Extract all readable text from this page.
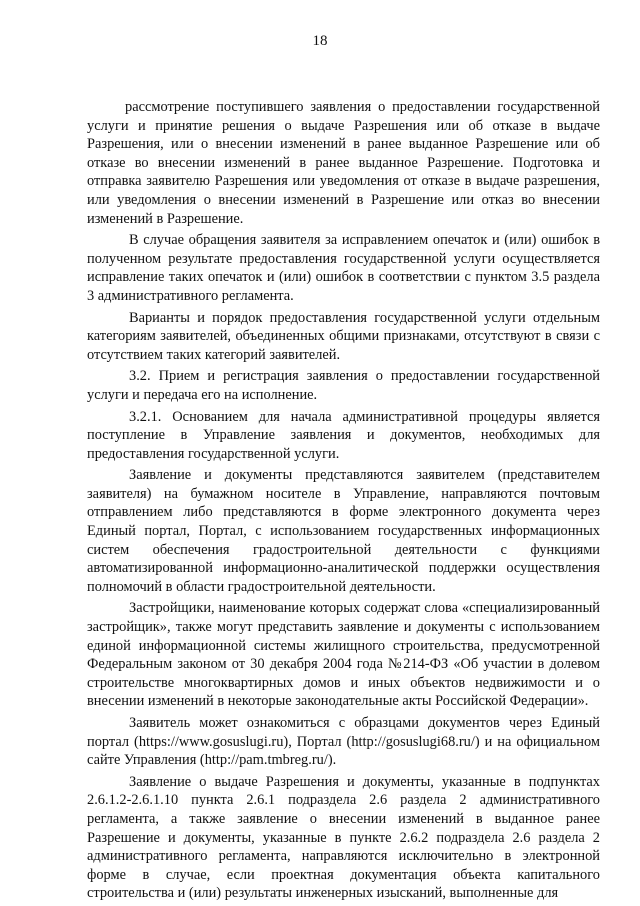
18

рассмотрение поступившего заявления о предоставлении государственной услуги и принятие решения о выдаче Разрешения или об отказе в выдаче Разрешения, или о внесении изменений в ранее выданное Разрешение или об отказе во внесении изменений в ранее выданное Разрешение. Подготовка и отправка заявителю Разрешения или уведомления от отказе в выдаче разрешения, или уведомления о внесении изменений в Разрешение или отказ во внесении изменений в Разрешение.

В случае обращения заявителя за исправлением опечаток и (или) ошибок в полученном результате предоставления государственной услуги осуществляется исправление таких опечаток и (или) ошибок в соответствии с пунктом 3.5 раздела 3 административного регламента.

Варианты и порядок предоставления государственной услуги отдельным категориям заявителей, объединенных общими признаками, отсутствуют в связи с отсутствием таких категорий заявителей.

3.2. Прием и регистрация заявления о предоставлении государственной услуги и передача его на исполнение.

3.2.1. Основанием для начала административной процедуры является поступление в Управление заявления и документов, необходимых для предоставления государственной услуги.

Заявление и документы представляются заявителем (представителем заявителя) на бумажном носителе в Управление, направляются почтовым отправлением либо представляются в форме электронного документа через Единый портал, Портал, с использованием государственных информационных систем обеспечения градостроительной деятельности с функциями автоматизированной информационно-аналитической поддержки осуществления полномочий в области градостроительной деятельности.

Застройщики, наименование которых содержат слова «специализированный застройщик», также могут представить заявление и документы с использованием единой информационной системы жилищного строительства, предусмотренной Федеральным законом от 30 декабря 2004 года №214-ФЗ «Об участии в долевом строительстве многоквартирных домов и иных объектов недвижимости и о внесении изменений в некоторые законодательные акты Российской Федерации».

Заявитель может ознакомиться с образцами документов через Единый портал (https://www.gosuslugi.ru), Портал (http://gosuslugi68.ru/) и на официальном сайте Управления (http://pam.tmbreg.ru/).

Заявление о выдаче Разрешения и документы, указанные в подпунктах 2.6.1.2-2.6.1.10 пункта 2.6.1 подраздела 2.6 раздела 2 административного регламента, а также заявление о внесении изменений в выданное ранее Разрешение и документы, указанные в пункте 2.6.2 подраздела 2.6 раздела 2 административного регламента, направляются исключительно в электронной форме в случае, если проектная документация объекта капитального строительства и (или) результаты инженерных изысканий, выполненные для
